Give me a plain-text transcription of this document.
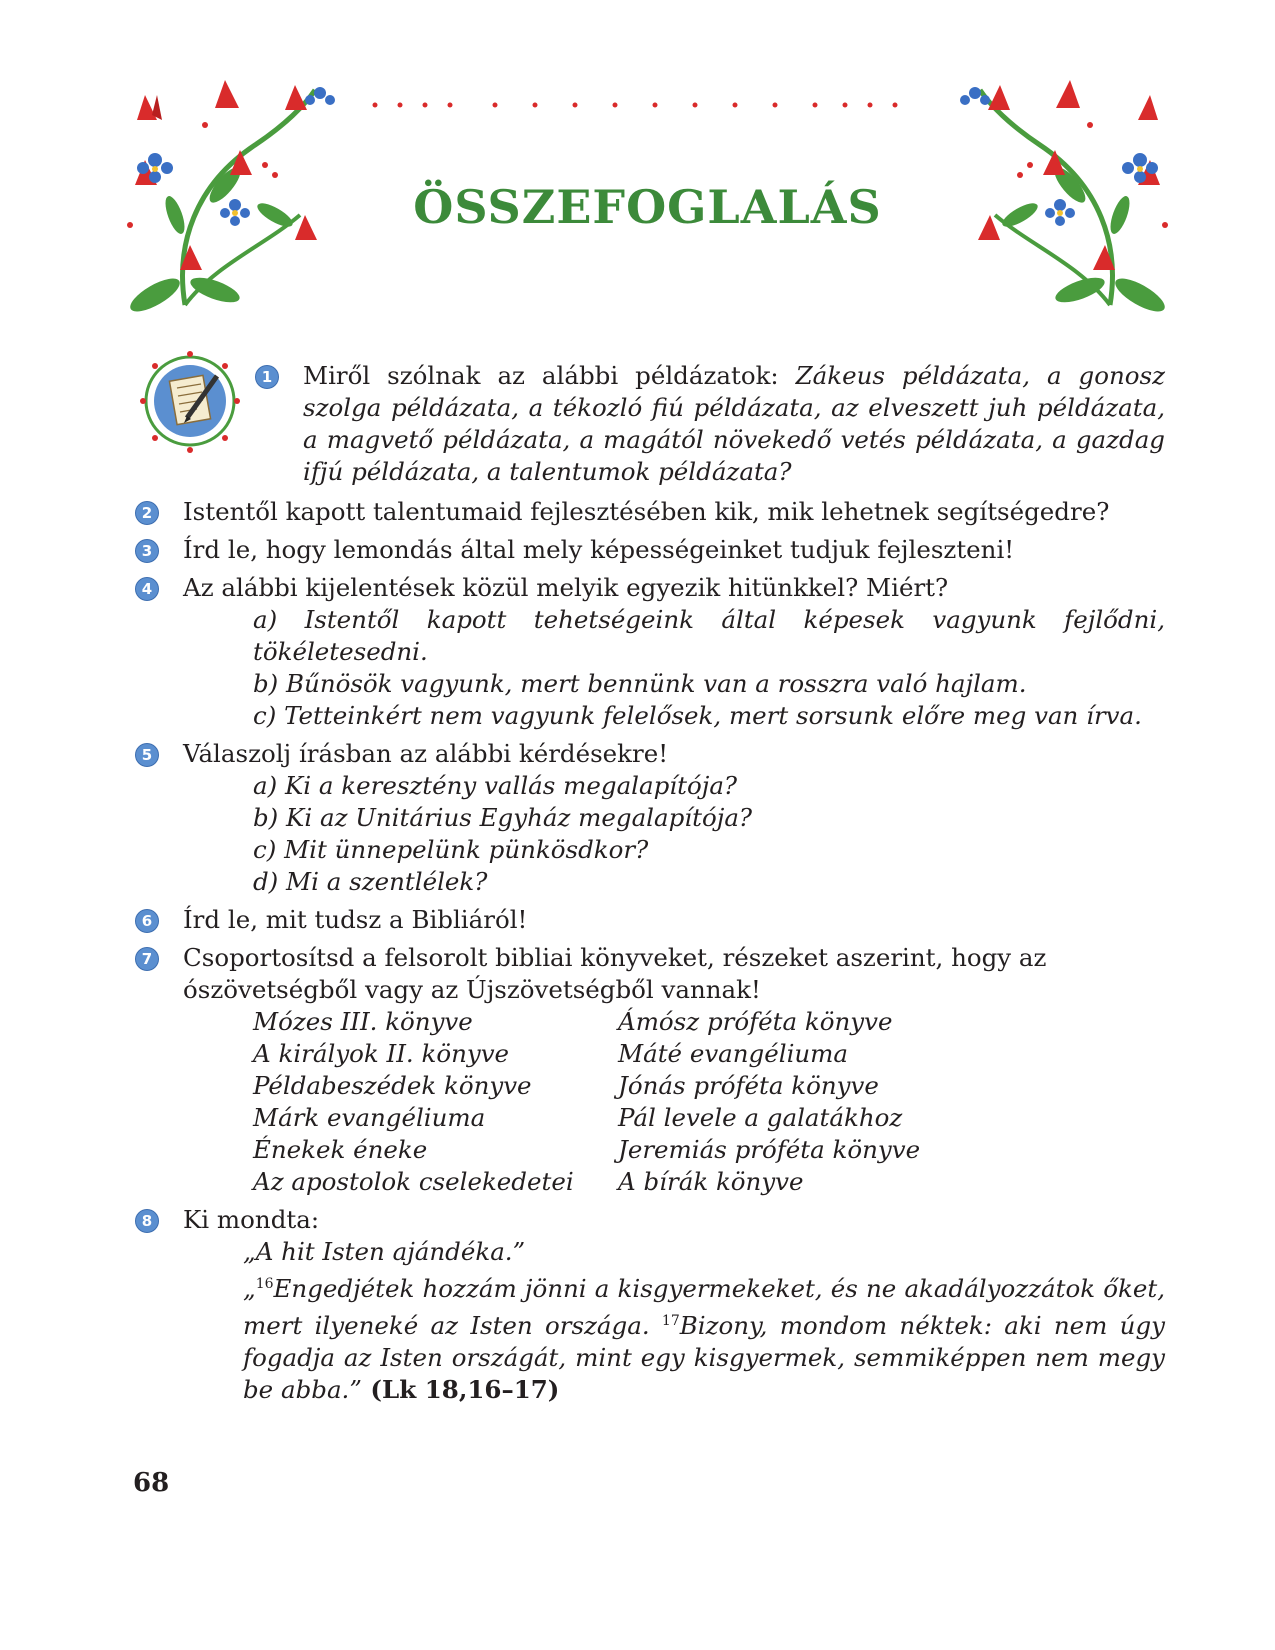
ÖSSZEFOGLALÁS
1 Miről szólnak az alábbi példázatok: Zákeus példázata, a gonosz szolga példázata, a tékozló fiú példázata, az elveszett juh példázata, a magvető példázata, a magától növekedő vetés példázata, a gazdag ifjú példázata, a talentumok példázata?
2 Istentől kapott talentumaid fejlesztésében kik, mik lehetnek segítségedre?
3 Írd le, hogy lemondás által mely képességeinket tudjuk fejleszteni!
4 Az alábbi kijelentések közül melyik egyezik hitünkkel? Miért?
a) Istentől kapott tehetségeink által képesek vagyunk fejlődni, tökéletesedni.
b) Bűnösök vagyunk, mert bennünk van a rosszra való hajlam.
c) Tetteinkért nem vagyunk felelősek, mert sorsunk előre meg van írva.
5 Válaszolj írásban az alábbi kérdésekre!
a) Ki a keresztény vallás megalapítója?
b) Ki az Unitárius Egyház megalapítója?
c) Mit ünnepelünk pünkösdkor?
d) Mi a szentlélek?
6 Írd le, mit tudsz a Bibliáról!
7 Csoportosítsd a felsorolt bibliai könyveket, részeket aszerint, hogy az ószövetségből vagy az Újszövetségből vannak!
Mózes III. könyve	Ámósz próféta könyve
A királyok II. könyve	Máté evangéliuma
Példabeszédek könyve	Jónás próféta könyve
Márk evangéliuma	Pál levele a galatákhoz
Énekek éneke	Jeremiás próféta könyve
Az apostolok cselekedetei	A bírák könyve
8 Ki mondta:
„A hit Isten ajándéka.”
„$^{16}$Engedjétek hozzám jönni a kisgyermekeket, és ne akadályozzátok őket, mert ilyeneké az Isten országa. $^{17}$Bizony, mondom néktek: aki nem úgy fogadja az Isten országát, mint egy kisgyermek, semmiképpen nem megy be abba.” (Lk 18,16–17)
68
